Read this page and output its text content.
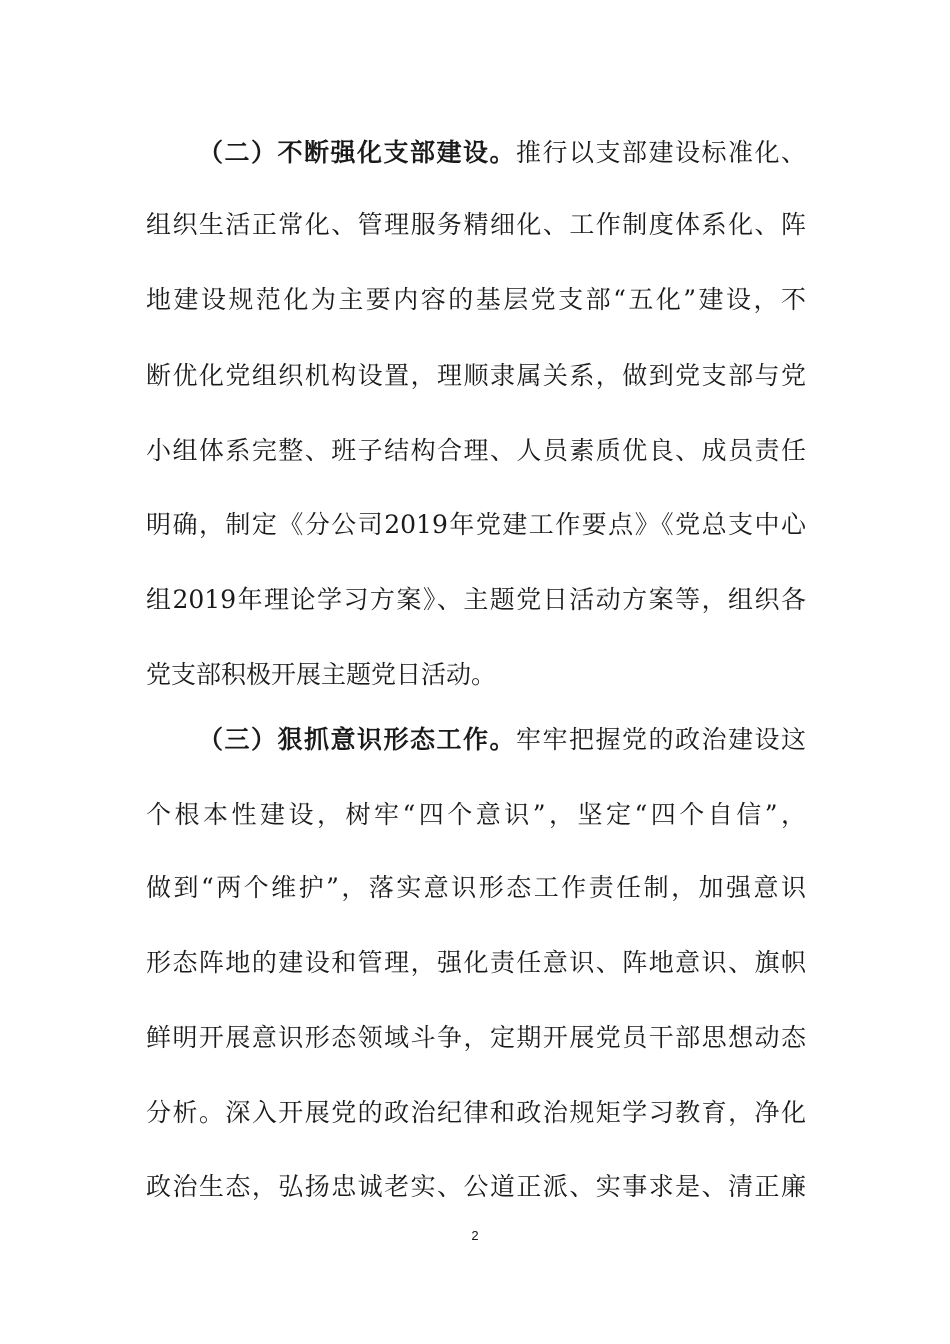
（二）不断强化支部建设。推行以支部建设标准化、
组织生活正常化、管理服务精细化、工作制度体系化、阵
地建设规范化为主要内容的基层党支部“五化”建设，不
断优化党组织机构设置，理顺隶属关系，做到党支部与党
小组体系完整、班子结构合理、人员素质优良、成员责任
明确，制定《分公司2019年党建工作要点》《党总支中心
组2019年理论学习方案》、主题党日活动方案等，组织各
党支部积极开展主题党日活动。
（三）狠抓意识形态工作。牢牢把握党的政治建设这
个根本性建设，树牢“四个意识”，坚定“四个自信”，
做到“两个维护”，落实意识形态工作责任制，加强意识
形态阵地的建设和管理，强化责任意识、阵地意识、旗帜
鲜明开展意识形态领域斗争，定期开展党员干部思想动态
分析。深入开展党的政治纪律和政治规矩学习教育，净化
政治生态，弘扬忠诚老实、公道正派、实事求是、清正廉
2
